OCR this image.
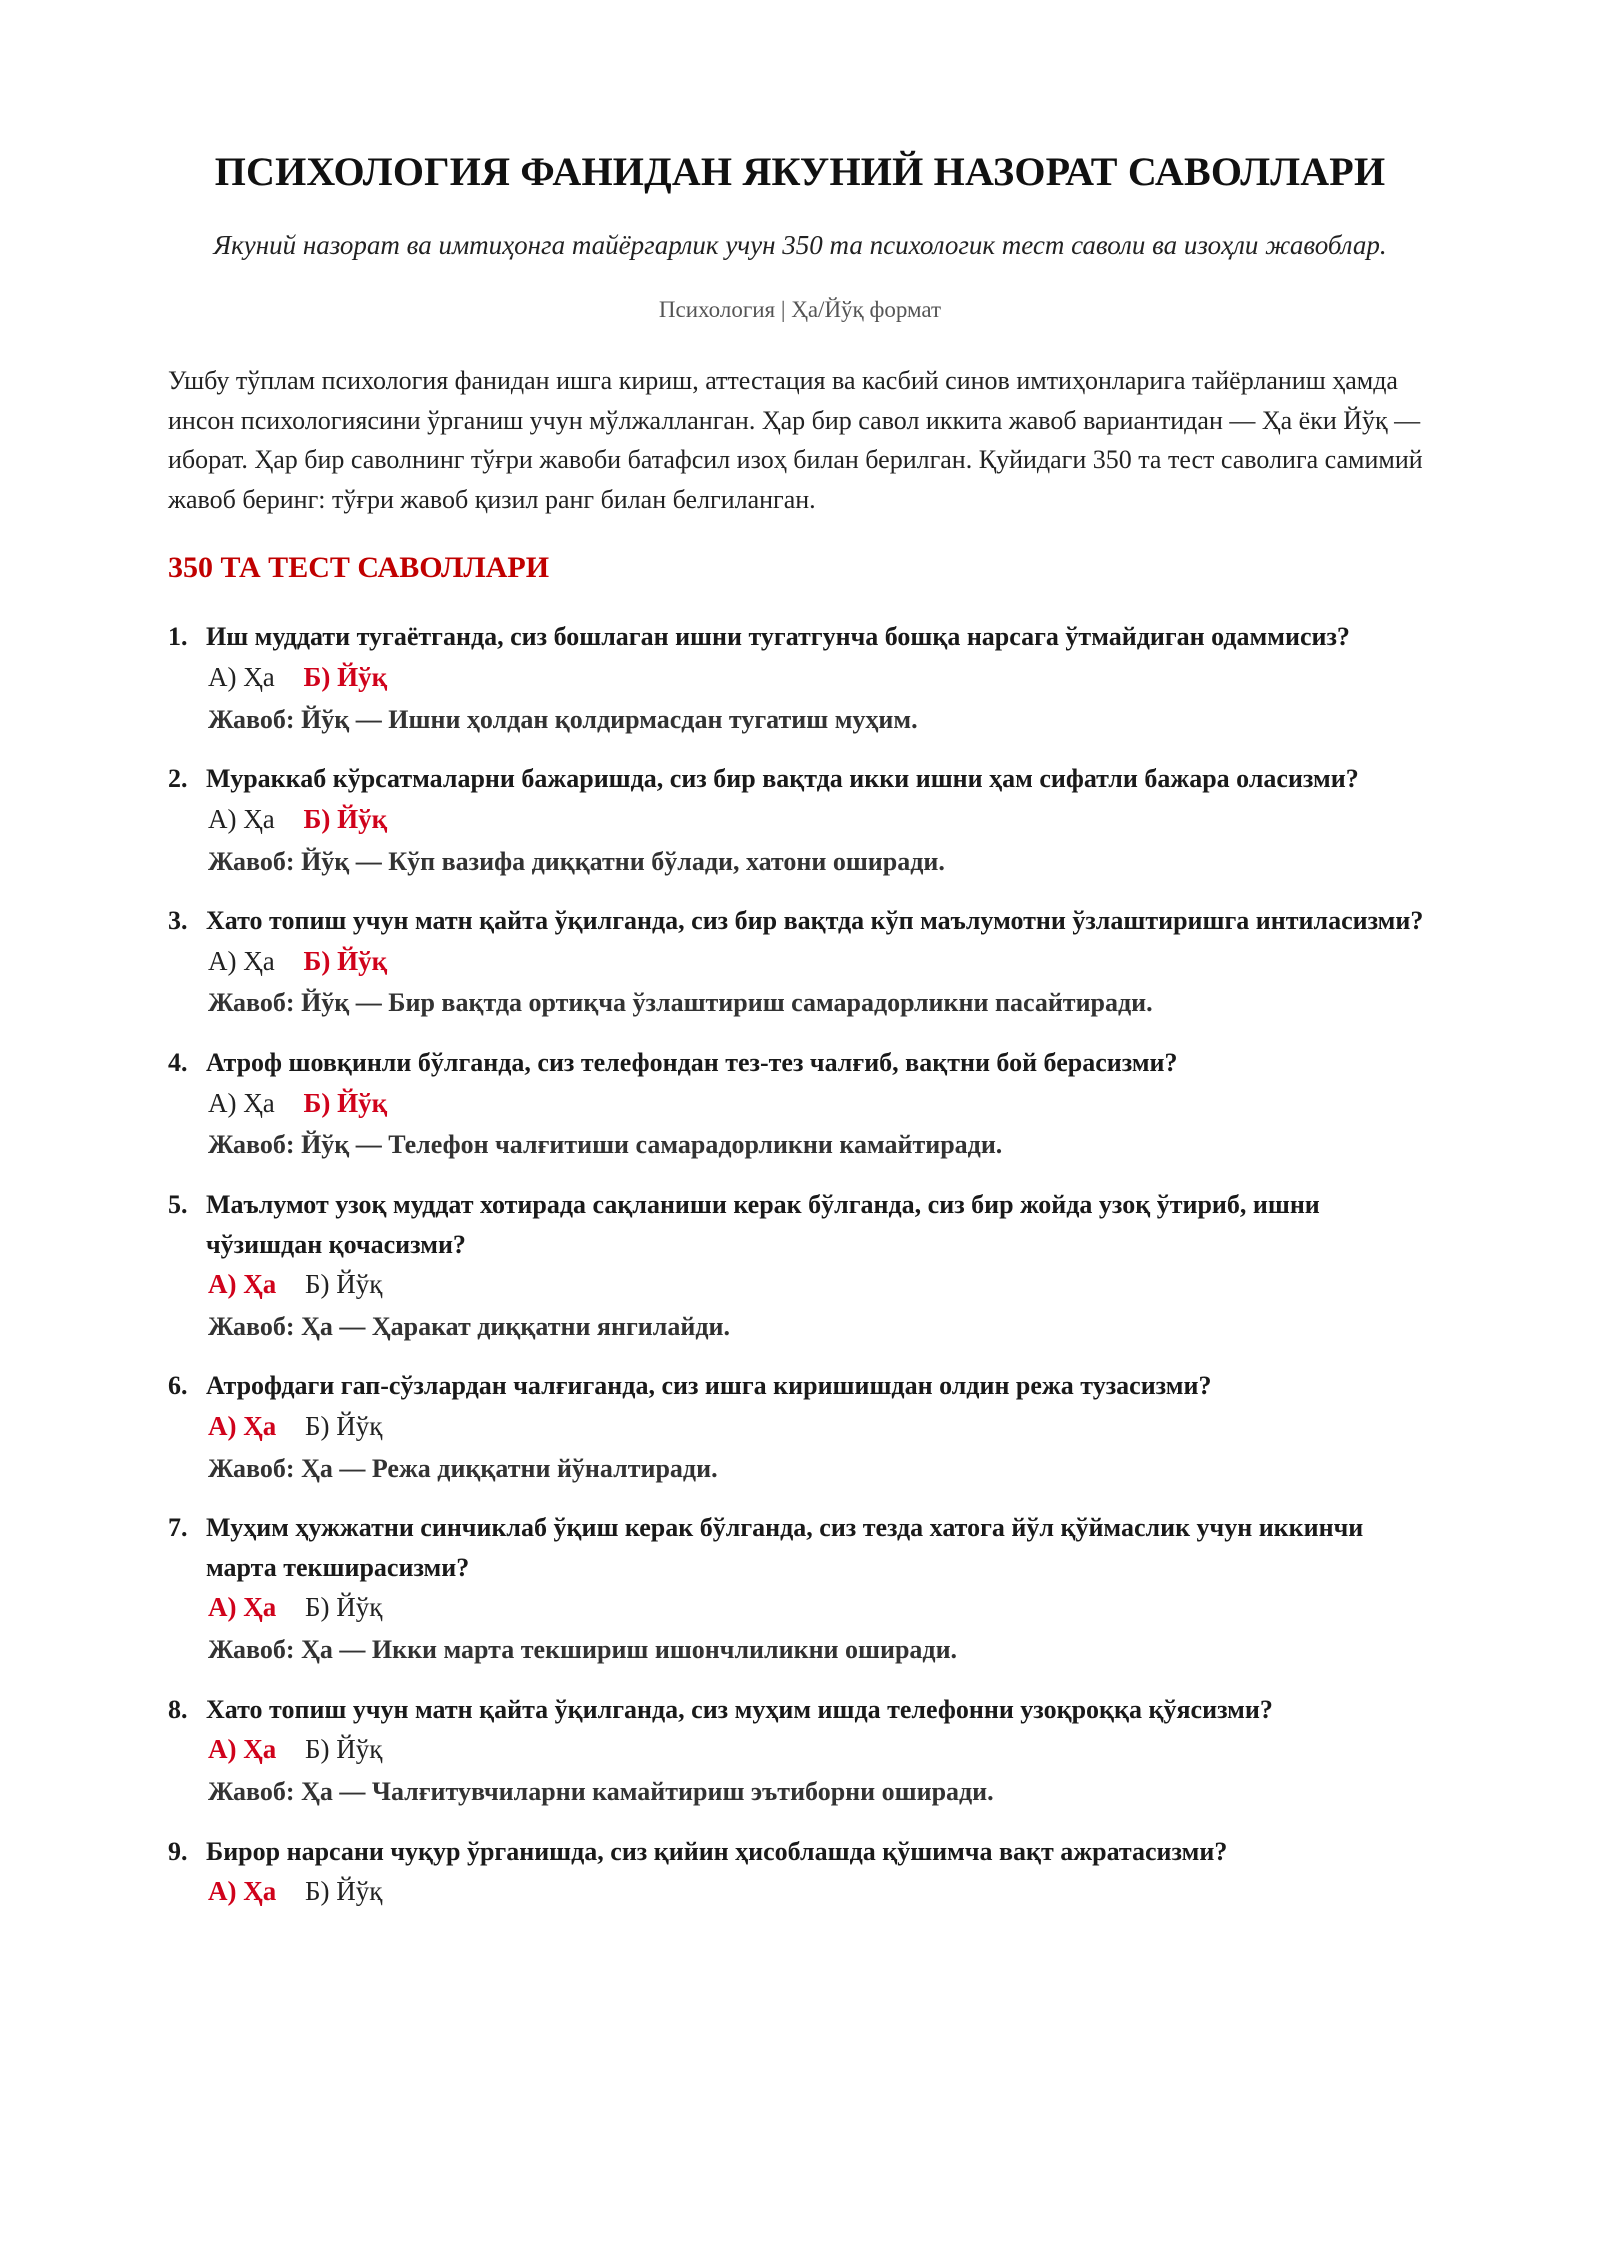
ПСИХОЛОГИЯ ФАНИДАН ЯКУНИЙ НАЗОРАТ САВОЛЛАРИ
Якуний назорат ва имтиҳонга тайёргарлик учун 350 та психологик тест саволи ва изоҳли жавоблар.
Психология | Ҳа/Йўқ формат
Ушбу тўплам психология фанидан ишга кириш, аттестация ва касбий синов имтиҳонларига тайёрланиш ҳамда инсон психологиясини ўрганиш учун мўлжалланган. Ҳар бир савол иккита жавоб вариантидан — Ҳа ёки Йўқ — иборат. Ҳар бир саволнинг тўғри жавоби батафсил изоҳ билан берилган. Қуйидаги 350 та тест саволига самимий жавоб беринг: тўғри жавоб қизил ранг билан белгиланган.
350 ТА ТЕСТ САВОЛЛАРИ
1. Иш муддати тугаётганда, сиз бошлаган ишни тугатгунча бошқа нарсага ўтмайдиган одаммисиз?
А) Ҳа Б) Йўқ
Жавоб: Йўқ — Ишни ҳолдан қолдирмасдан тугатиш муҳим.
2. Мураккаб кўрсатмаларни бажаришда, сиз бир вақтда икки ишни ҳам сифатли бажара оласизми?
А) Ҳа Б) Йўқ
Жавоб: Йўқ — Кўп вазифа диққатни бўлади, хатони оширади.
3. Хато топиш учун матн қайта ўқилганда, сиз бир вақтда кўп маълумотни ўзлаштиришга интиласизми?
А) Ҳа Б) Йўқ
Жавоб: Йўқ — Бир вақтда ортиқча ўзлаштириш самарадорликни пасайтиради.
4. Атроф шовқинли бўлганда, сиз телефондан тез-тез чалғиб, вақтни бой берасизми?
А) Ҳа Б) Йўқ
Жавоб: Йўқ — Телефон чалғитиши самарадорликни камайтиради.
5. Маълумот узоқ муддат хотирада сақланиши керак бўлганда, сиз бир жойда узоқ ўтириб, ишни чўзишдан қочасизми?
А) Ҳа Б) Йўқ
Жавоб: Ҳа — Ҳаракат диққатни янгилайди.
6. Атрофдаги гап-сўзлардан чалғиганда, сиз ишга киришишдан олдин режа тузасизми?
А) Ҳа Б) Йўқ
Жавоб: Ҳа — Режа диққатни йўналтиради.
7. Муҳим ҳужжатни синчиклаб ўқиш керак бўлганда, сиз тезда хатога йўл қўймаслик учун иккинчи марта текширасизми?
А) Ҳа Б) Йўқ
Жавоб: Ҳа — Икки марта текшириш ишончлиликни оширади.
8. Хато топиш учун матн қайта ўқилганда, сиз муҳим ишда телефонни узоқроққа қўясизми?
А) Ҳа Б) Йўқ
Жавоб: Ҳа — Чалғитувчиларни камайтириш эътиборни оширади.
9. Бирор нарсани чуқур ўрганишда, сиз қийин ҳисоблашда қўшимча вақт ажратасизми?
А) Ҳа Б) Йўқ
